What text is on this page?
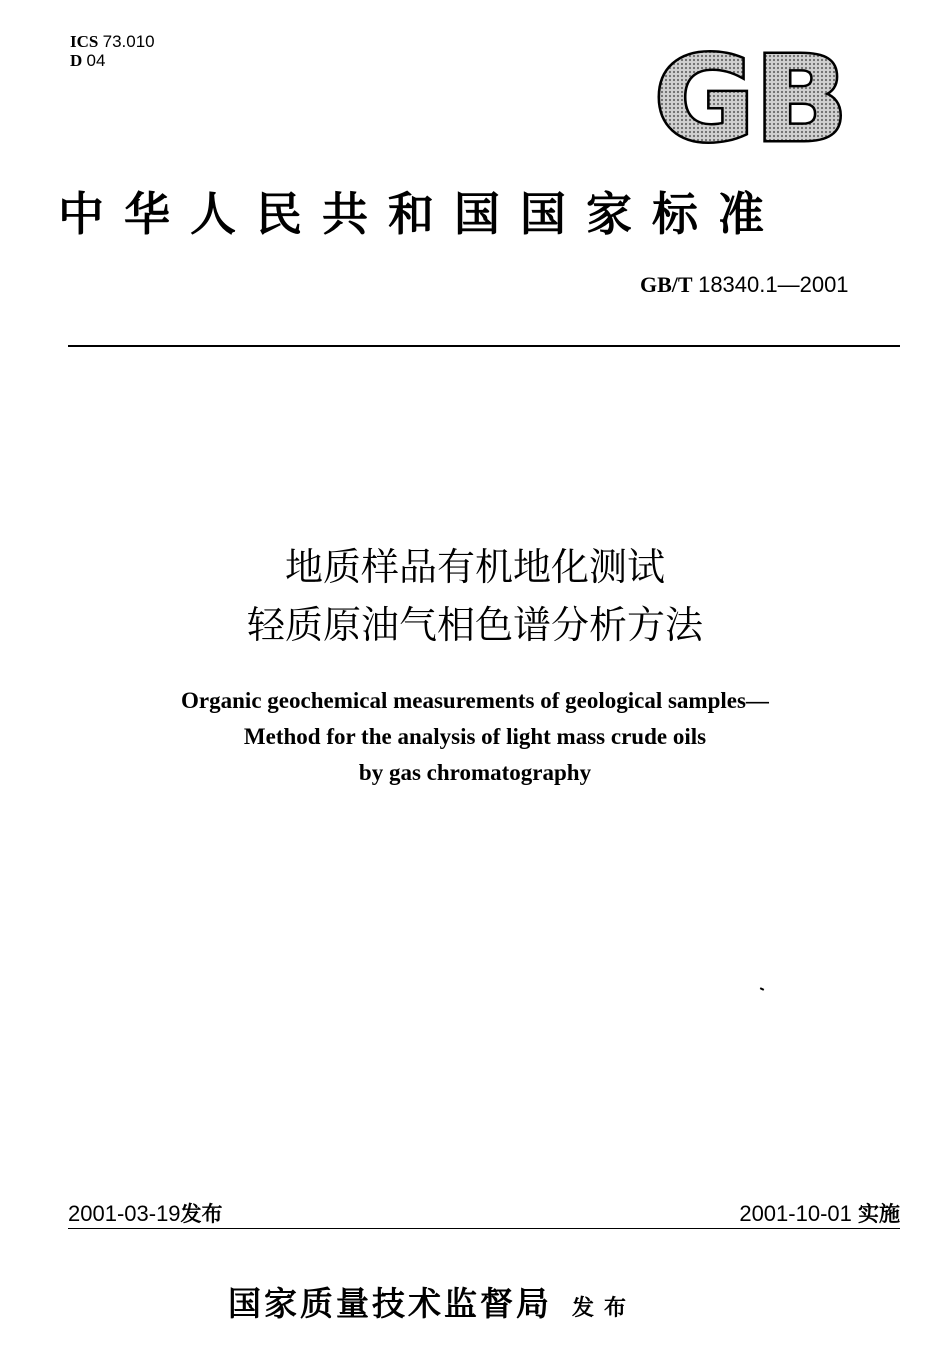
ICS 73.010
D 04	GB
中华人民共和国国家标准
GB/T 18340.1—2001
地质样品有机地化测试
轻质原油气相色谱分析方法
Organic geochemical measurements of geological samples—
Method for the analysis of light mass crude oils
by gas chromatography
2001-03-19发布	2001-10-01 实施
国家质量技术监督局 发布
